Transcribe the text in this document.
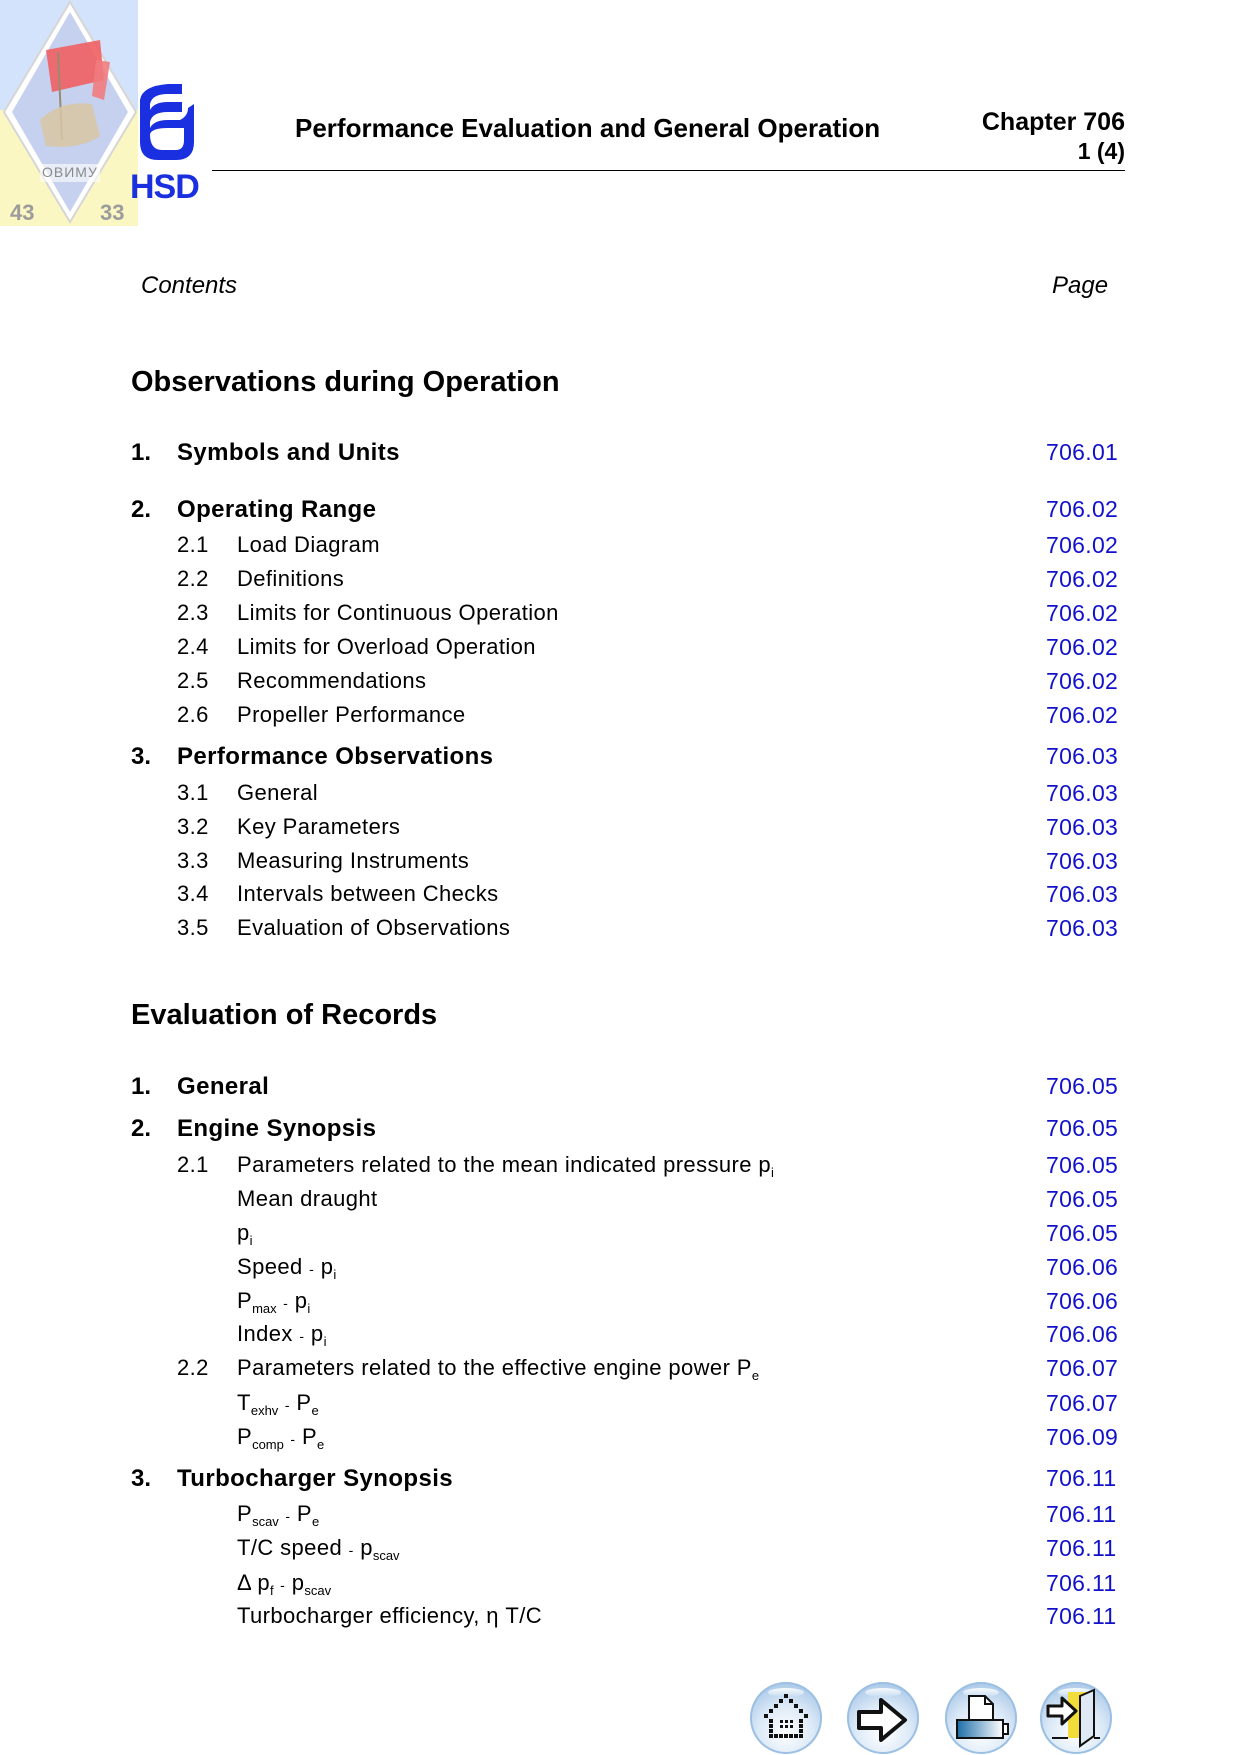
ОВИМУ
43	33
HSD
Performance Evaluation and General Operation	Chapter 706
1 (4)
Contents	Page
Observations during Operation
1. Symbols and Units	706.01
2. Operating Range	706.02
2.1 Load Diagram	706.02
2.2 Definitions	706.02
2.3 Limits for Continuous Operation	706.02
2.4 Limits for Overload Operation	706.02
2.5 Recommendations	706.02
2.6 Propeller Performance	706.02
3. Performance Observations	706.03
3.1 General	706.03
3.2 Key Parameters	706.03
3.3 Measuring Instruments	706.03
3.4 Intervals between Checks	706.03
3.5 Evaluation of Observations	706.03
Evaluation of Records
1. General	706.05
2. Engine Synopsis	706.05
2.1 Parameters related to the mean indicated pressure $p_i$	706.05
Mean draught	706.05
$p_i$	706.05
Speed - $p_i$	706.06
$P_{max} - p_i$	706.06
Index - $p_i$	706.06
2.2 Parameters related to the effective engine power $P_e$	706.07
$T_{exhv} - P_e$	706.07
$P_{comp} - P_e$	706.09
3. Turbocharger Synopsis	706.11
$P_{scav} - P_e$	706.11
T/C speed - $p_{scav}$	706.11
Δ $p_f - p_{scav}$	706.11
Turbocharger efficiency, η T/C	706.11
